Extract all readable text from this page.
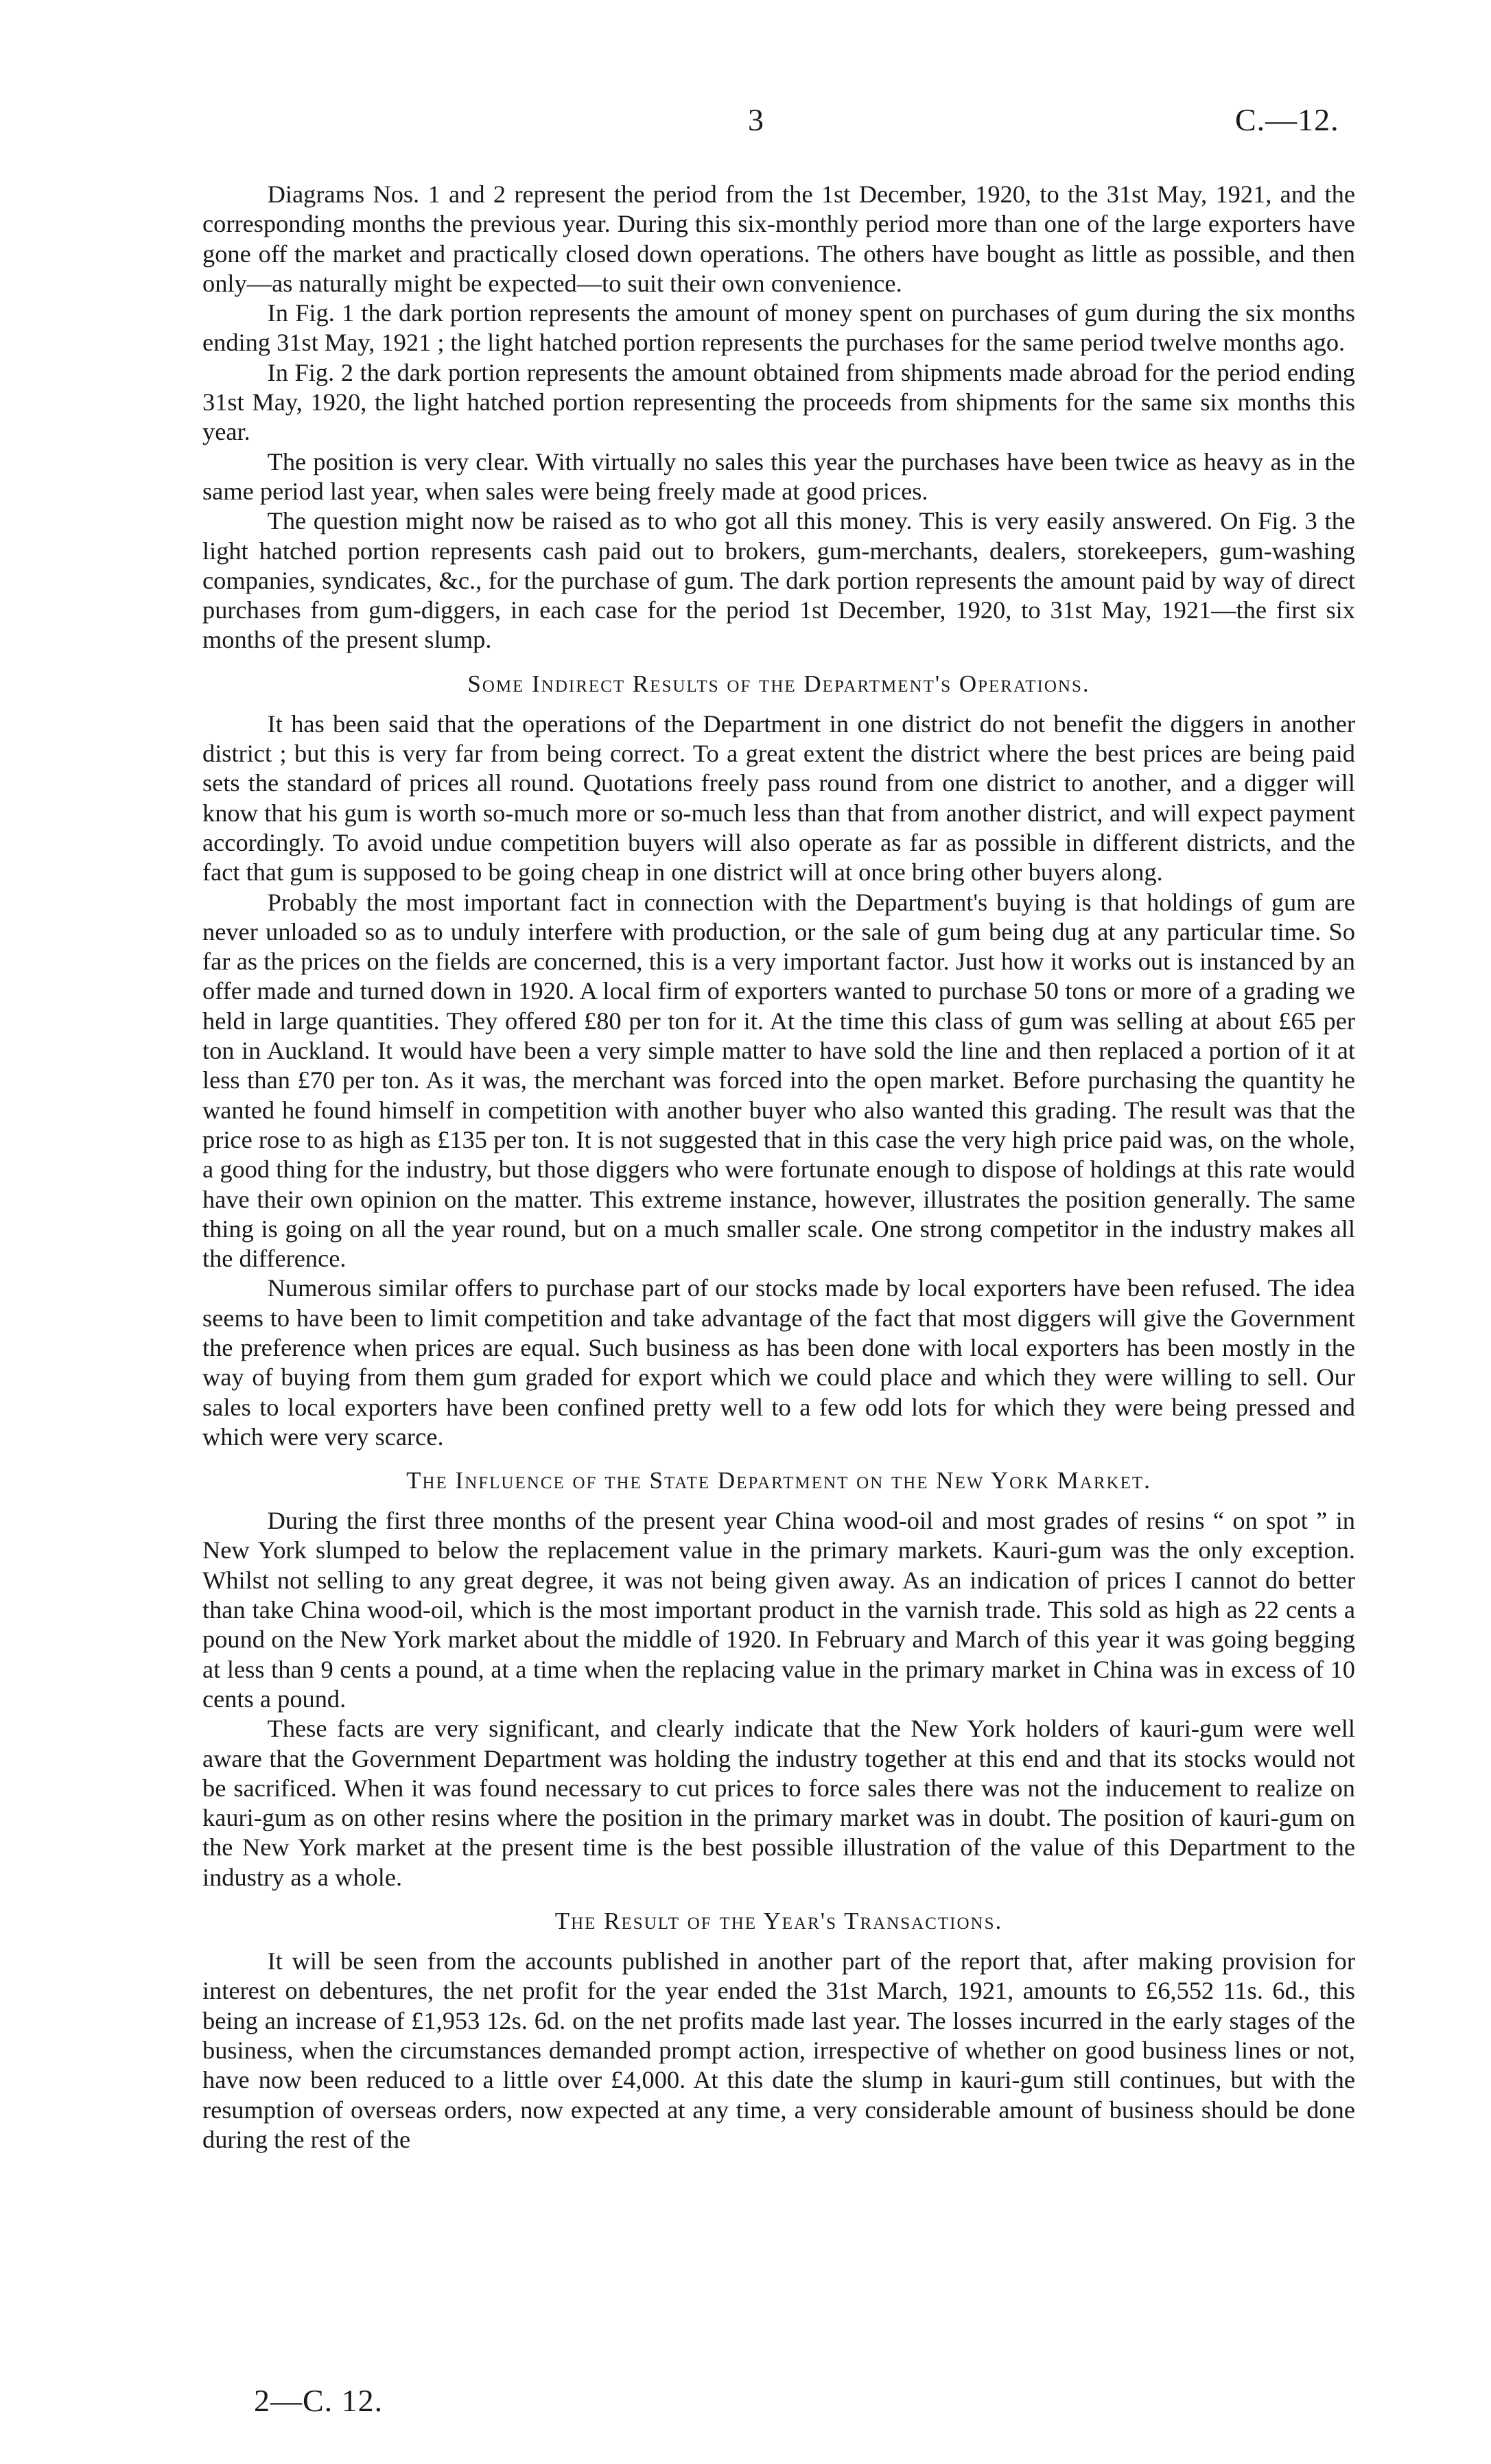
3	C.—12.

Diagrams Nos. 1 and 2 represent the period from the 1st December, 1920, to the 31st May, 1921, and the corresponding months the previous year. During this six-monthly period more than one of the large exporters have gone off the market and practically closed down operations. The others have bought as little as possible, and then only—as naturally might be expected—to suit their own convenience.

In Fig. 1 the dark portion represents the amount of money spent on purchases of gum during the six months ending 31st May, 1921 ; the light hatched portion represents the purchases for the same period twelve months ago.

In Fig. 2 the dark portion represents the amount obtained from shipments made abroad for the period ending 31st May, 1920, the light hatched portion representing the proceeds from shipments for the same six months this year.

The position is very clear. With virtually no sales this year the purchases have been twice as heavy as in the same period last year, when sales were being freely made at good prices.

The question might now be raised as to who got all this money. This is very easily answered. On Fig. 3 the light hatched portion represents cash paid out to brokers, gum-merchants, dealers, storekeepers, gum-washing companies, syndicates, &c., for the purchase of gum. The dark portion represents the amount paid by way of direct purchases from gum-diggers, in each case for the period 1st December, 1920, to 31st May, 1921—the first six months of the present slump.

Some Indirect Results of the Department's Operations.

It has been said that the operations of the Department in one district do not benefit the diggers in another district ; but this is very far from being correct. To a great extent the district where the best prices are being paid sets the standard of prices all round. Quotations freely pass round from one district to another, and a digger will know that his gum is worth so-much more or so-much less than that from another district, and will expect payment accordingly. To avoid undue competition buyers will also operate as far as possible in different districts, and the fact that gum is supposed to be going cheap in one district will at once bring other buyers along.

Probably the most important fact in connection with the Department's buying is that holdings of gum are never unloaded so as to unduly interfere with production, or the sale of gum being dug at any particular time. So far as the prices on the fields are concerned, this is a very important factor. Just how it works out is instanced by an offer made and turned down in 1920. A local firm of exporters wanted to purchase 50 tons or more of a grading we held in large quantities. They offered £80 per ton for it. At the time this class of gum was selling at about £65 per ton in Auckland. It would have been a very simple matter to have sold the line and then replaced a portion of it at less than £70 per ton. As it was, the merchant was forced into the open market. Before purchasing the quantity he wanted he found himself in competition with another buyer who also wanted this grading. The result was that the price rose to as high as £135 per ton. It is not suggested that in this case the very high price paid was, on the whole, a good thing for the industry, but those diggers who were fortunate enough to dispose of holdings at this rate would have their own opinion on the matter. This extreme instance, however, illustrates the position generally. The same thing is going on all the year round, but on a much smaller scale. One strong competitor in the industry makes all the difference.

Numerous similar offers to purchase part of our stocks made by local exporters have been refused. The idea seems to have been to limit competition and take advantage of the fact that most diggers will give the Government the preference when prices are equal. Such business as has been done with local exporters has been mostly in the way of buying from them gum graded for export which we could place and which they were willing to sell. Our sales to local exporters have been confined pretty well to a few odd lots for which they were being pressed and which were very scarce.

The Influence of the State Department on the New York Market.

During the first three months of the present year China wood-oil and most grades of resins “ on spot ” in New York slumped to below the replacement value in the primary markets. Kauri-gum was the only exception. Whilst not selling to any great degree, it was not being given away. As an indication of prices I cannot do better than take China wood-oil, which is the most important product in the varnish trade. This sold as high as 22 cents a pound on the New York market about the middle of 1920. In February and March of this year it was going begging at less than 9 cents a pound, at a time when the replacing value in the primary market in China was in excess of 10 cents a pound.

These facts are very significant, and clearly indicate that the New York holders of kauri-gum were well aware that the Government Department was holding the industry together at this end and that its stocks would not be sacrificed. When it was found necessary to cut prices to force sales there was not the inducement to realize on kauri-gum as on other resins where the position in the primary market was in doubt. The position of kauri-gum on the New York market at the present time is the best possible illustration of the value of this Department to the industry as a whole.

The Result of the Year's Transactions.

It will be seen from the accounts published in another part of the report that, after making provision for interest on debentures, the net profit for the year ended the 31st March, 1921, amounts to £6,552 11s. 6d., this being an increase of £1,953 12s. 6d. on the net profits made last year. The losses incurred in the early stages of the business, when the circumstances demanded prompt action, irrespective of whether on good business lines or not, have now been reduced to a little over £4,000. At this date the slump in kauri-gum still continues, but with the resumption of overseas orders, now expected at any time, a very considerable amount of business should be done during the rest of the

2—C. 12.
